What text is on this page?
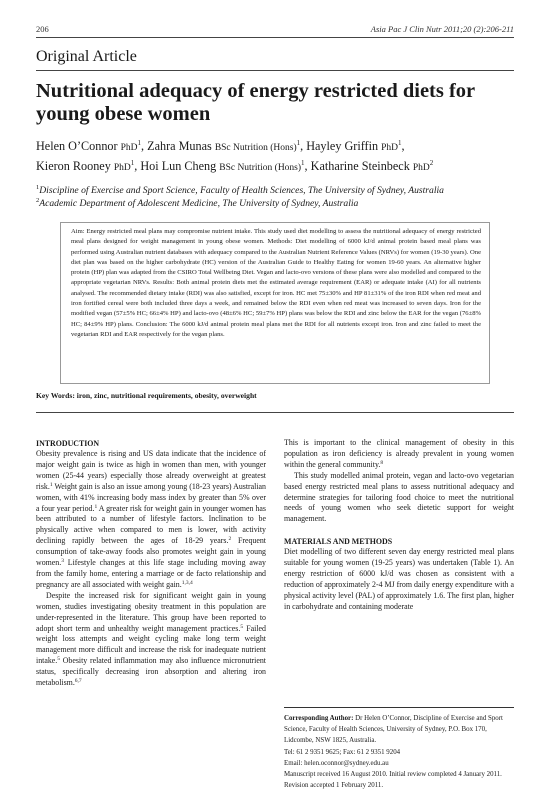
206	Asia Pac J Clin Nutr 2011;20 (2):206-211
Original Article
Nutritional adequacy of energy restricted diets for young obese women
Helen O’Connor PhD$^1$, Zahra Munas BSc Nutrition (Hons)$^1$, Hayley Griffin PhD$^1$,
Kieron Rooney PhD$^1$, Hoi Lun Cheng BSc Nutrition (Hons)$^1$, Katharine Steinbeck PhD$^2$
$^1$Discipline of Exercise and Sport Science, Faculty of Health Sciences, The University of Sydney, Australia
$^2$Academic Department of Adolescent Medicine, The University of Sydney, Australia

Aim: Energy restricted meal plans may compromise nutrient intake. This study used diet modelling to assess the nutritional adequacy of energy restricted meal plans designed for weight management in young obese women. Methods: Diet modelling of 6000 kJ/d animal protein based meal plans was performed using Australian nutrient databases with adequacy compared to the Australian Nutrient Reference Values (NRVs) for women (19-30 years). One diet plan was based on the higher carbohydrate (HC) version of the Australian Guide to Healthy Eating for women 19-60 years. An alternative higher protein (HP) plan was adapted from the CSIRO Total Wellbeing Diet. Vegan and lacto-ovo versions of these plans were also modelled and compared to the appropriate vegetarian NRVs. Results: Both animal protein diets met the estimated average requirement (EAR) or adequate intake (AI) for all nutrients analysed. The recommended dietary intake (RDI) was also satisfied, except for iron. HC met 75±30% and HP 81±31% of the iron RDI when red meat and iron fortified cereal were both included three days a week, and remained below the RDI even when red meat was increased to seven days. Iron for the modified vegan (57±5% HC; 66±4% HP) and lacto-ovo (48±6% HC; 59±7% HP) plans was below the RDI and zinc below the EAR for the vegan (76±8% HC; 84±9% HP) plans. Conclusion: The 6000 kJ/d animal protein meal plans met the RDI for all nutrients except iron. Iron and zinc failed to meet the vegetarian RDI and EAR respectively for the vegan plans.

Key Words: iron, zinc, nutritional requirements, obesity, overweight
INTRODUCTION

Obesity prevalence is rising and US data indicate that the incidence of major weight gain is twice as high in women than men, with younger women (25-44 years) especially those already overweight at greatest risk.$^1$ Weight gain is also an issue among young (18-23 years) Australian women, with 41% increasing body mass index by greater than 5% over a four year period.$^1$ A greater risk for weight gain in younger women has been attributed to a number of lifestyle factors. Inclination to be physically active when compared to men is lower, with activity declining rapidly between the ages of 18-29 years.$^2$ Frequent consumption of take-away foods also promotes weight gain in young women.$^3$ Lifestyle changes at this life stage including moving away from the family home, entering a marriage or de facto relationship and pregnancy are all associated with weight gain.$^{1,3,4}$

Despite the increased risk for significant weight gain in young women, studies investigating obesity treatment in this population are under-represented in the literature. This group have been reported to adopt short term and unhealthy weight management practices.$^5$ Failed weight loss attempts and weight cycling make long term weight management more difficult and increase the risk for inadequate nutrient intake.$^5$ Obesity related inflammation may also influence micronutrient status, specifically decreasing iron absorption and altering iron metabolism.$^{6,7}$

This is important to the clinical management of obesity in this population as iron deficiency is already prevalent in young women within the general community.$^8$

This study modelled animal protein, vegan and lacto-ovo vegetarian based energy restricted meal plans to assess nutritional adequacy and determine strategies for tailoring food choice to meet the nutritional needs of young women who seek dietetic support for weight management.

MATERIALS AND METHODS

Diet modelling of two different seven day energy restricted meal plans suitable for young women (19-25 years) was undertaken (Table 1). An energy restriction of 6000 kJ/d was chosen as consistent with a reduction of approximately 2-4 MJ from daily energy expenditure with a physical activity level (PAL) of approximately 1.6. The first plan, higher in carbohydrate and containing moderate

Corresponding Author: Dr Helen O’Connor, Discipline of Exercise and Sport Science, Faculty of Health Sciences, University of Sydney, P.O. Box 170, Lidcombe, NSW 1825, Australia.
Tel: 61 2 9351 9625; Fax: 61 2 9351 9204
Email: helen.oconnor@sydney.edu.au
Manuscript received 16 August 2010. Initial review completed 4 January 2011. Revision accepted 1 February 2011.
